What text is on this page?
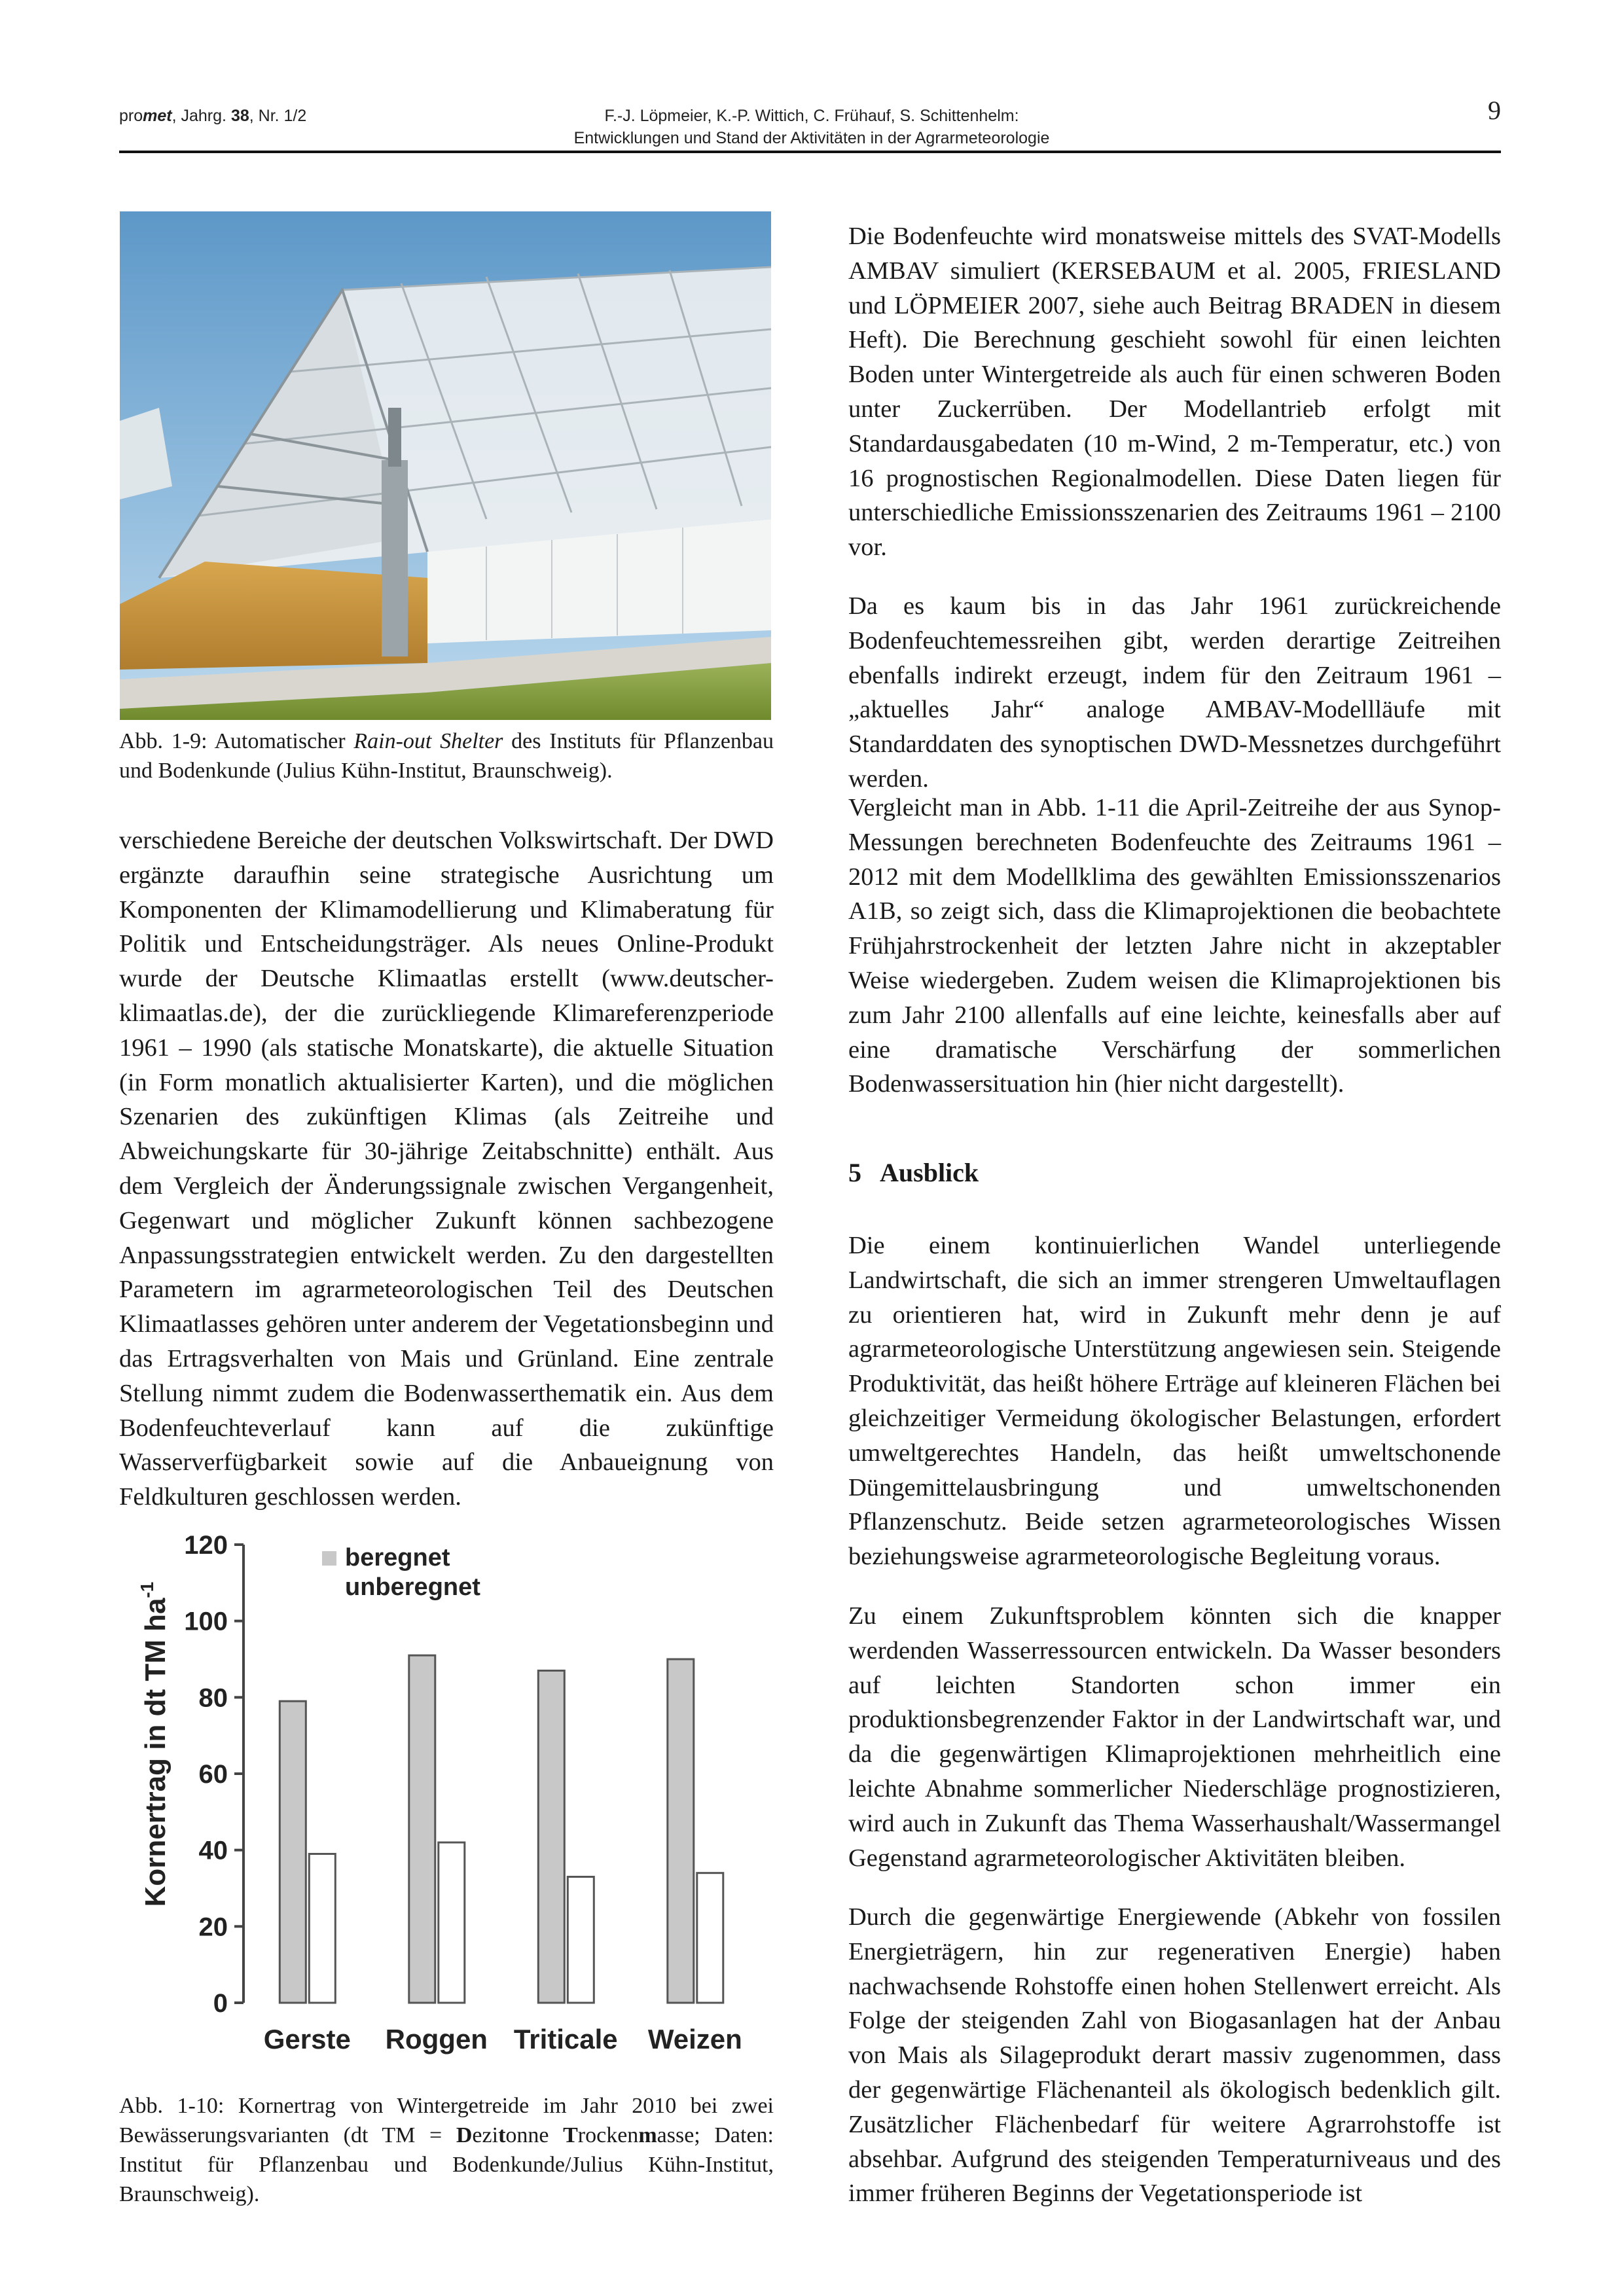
promet, Jahrg. 38, Nr. 1/2	F.-J. Löpmeier, K.-P. Wittich, C. Frühauf, S. Schittenhelm:
Entwicklungen und Stand der Aktivitäten in der Agrarmeteorologie
9
Abb. 1-9: Automatischer Rain-out Shelter des Instituts für Pflanzenbau und Bodenkunde (Julius Kühn-Institut, Braunschweig).

verschiedene Bereiche der deutschen Volkswirtschaft. Der DWD ergänzte daraufhin seine strategische Ausrichtung um Komponenten der Klimamodellierung und Klimaberatung für Politik und Entscheidungsträger. Als neues Online-Produkt wurde der Deutsche Klimaatlas erstellt (www.deutscher-klimaatlas.de), der die zurückliegende Klimareferenzperiode 1961 – 1990 (als statische Monatskarte), die aktuelle Situation (in Form monatlich aktualisierter Karten), und die möglichen Szenarien des zukünftigen Klimas (als Zeitreihe und Abweichungskarte für 30-jährige Zeitabschnitte) enthält. Aus dem Vergleich der Änderungssignale zwischen Vergangenheit, Gegenwart und möglicher Zukunft können sachbezogene Anpassungsstrategien entwickelt werden. Zu den dargestellten Parametern im agrarmeteorologischen Teil des Deutschen Klimaatlasses gehören unter anderem der Vegetationsbeginn und das Ertragsverhalten von Mais und Grünland. Eine zentrale Stellung nimmt zudem die Bodenwasserthematik ein. Aus dem Bodenfeuchteverlauf kann auf die zukünftige Wasserverfügbarkeit sowie auf die Anbaueignung von Feldkulturen geschlossen werden.

0
20
40
60
80
100
120
Gerste Roggen Triticale Weizen
Kornertrag in dt TM $ha^{-1}$
beregnet
unberegnet
Abb. 1-10: Kornertrag von Wintergetreide im Jahr 2010 bei zwei Bewässerungsvarianten (dt TM = Dezitonne Trockenmasse; Daten: Institut für Pflanzenbau und Bodenkunde/Julius Kühn-Institut, Braunschweig).

Die Bodenfeuchte wird monatsweise mittels des SVAT-Modells AMBAV simuliert (KERSEBAUM et al. 2005, FRIESLAND und LÖPMEIER 2007, siehe auch Beitrag BRADEN in diesem Heft). Die Berechnung geschieht sowohl für einen leichten Boden unter Wintergetreide als auch für einen schweren Boden unter Zuckerrüben. Der Modellantrieb erfolgt mit Standardausgabedaten (10 m-Wind, 2 m-Temperatur, etc.) von 16 prognostischen Regionalmodellen. Diese Daten liegen für unterschiedliche Emissionsszenarien des Zeitraums 1961 – 2100 vor.

Da es kaum bis in das Jahr 1961 zurückreichende Bodenfeuchtemessreihen gibt, werden derartige Zeitreihen ebenfalls indirekt erzeugt, indem für den Zeitraum 1961 – „aktuelles Jahr“ analoge AMBAV-Modellläufe mit Standarddaten des synoptischen DWD-Messnetzes durchgeführt werden.

Vergleicht man in Abb. 1-11 die April-Zeitreihe der aus Synop-Messungen berechneten Bodenfeuchte des Zeitraums 1961 – 2012 mit dem Modellklima des gewählten Emissionsszenarios A1B, so zeigt sich, dass die Klimaprojektionen die beobachtete Frühjahrstrockenheit der letzten Jahre nicht in akzeptabler Weise wiedergeben. Zudem weisen die Klimaprojektionen bis zum Jahr 2100 allenfalls auf eine leichte, keinesfalls aber auf eine dramatische Verschärfung der sommerlichen Bodenwassersituation hin (hier nicht dargestellt).

5 Ausblick

Die einem kontinuierlichen Wandel unterliegende Landwirtschaft, die sich an immer strengeren Umweltauflagen zu orientieren hat, wird in Zukunft mehr denn je auf agrarmeteorologische Unterstützung angewiesen sein. Steigende Produktivität, das heißt höhere Erträge auf kleineren Flächen bei gleichzeitiger Vermeidung ökologischer Belastungen, erfordert umweltgerechtes Handeln, das heißt umweltschonende Düngemittelausbringung und umweltschonenden Pflanzenschutz. Beide setzen agrarmeteorologisches Wissen beziehungsweise agrarmeteorologische Begleitung voraus.

Zu einem Zukunftsproblem könnten sich die knapper werdenden Wasserressourcen entwickeln. Da Wasser besonders auf leichten Standorten schon immer ein produktionsbegrenzender Faktor in der Landwirtschaft war, und da die gegenwärtigen Klimaprojektionen mehrheitlich eine leichte Abnahme sommerlicher Niederschläge prognostizieren, wird auch in Zukunft das Thema Wasserhaushalt/Wassermangel Gegenstand agrarmeteorologischer Aktivitäten bleiben.

Durch die gegenwärtige Energiewende (Abkehr von fossilen Energieträgern, hin zur regenerativen Energie) haben nachwachsende Rohstoffe einen hohen Stellenwert erreicht. Als Folge der steigenden Zahl von Biogasanlagen hat der Anbau von Mais als Silageprodukt derart massiv zugenommen, dass der gegenwärtige Flächenanteil als ökologisch bedenklich gilt. Zusätzlicher Flächenbedarf für weitere Agrarrohstoffe ist absehbar. Aufgrund des steigenden Temperaturniveaus und des immer früheren Beginns der Vegetationsperiode ist
